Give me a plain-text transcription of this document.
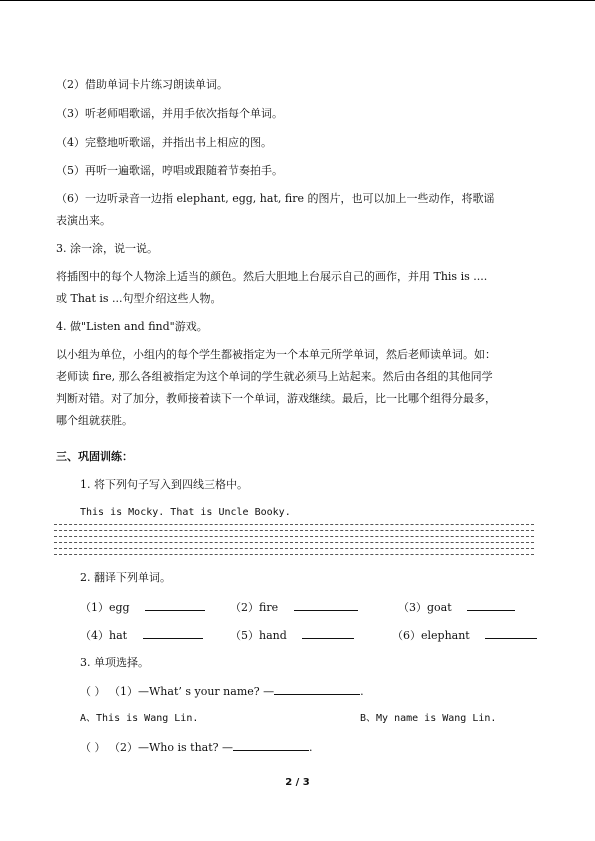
（2）借助单词卡片练习朗读单词。
（3）听老师唱歌谣，并用手依次指每个单词。
（4）完整地听歌谣，并指出书上相应的图。
（5）再听一遍歌谣，哼唱或跟随着节奏拍手。
（6）一边听录音一边指 elephant, egg, hat, fire 的图片，也可以加上一些动作，将歌谣
表演出来。
3. 涂一涂，说一说。
将插图中的每个人物涂上适当的颜色。然后大胆地上台展示自己的画作，并用 This is ....
或 That is ...句型介绍这些人物。
4. 做"Listen and find"游戏。
以小组为单位，小组内的每个学生都被指定为一个本单元所学单词，然后老师读单词。如：
老师读 fire, 那么各组被指定为这个单词的学生就必须马上站起来。然后由各组的其他同学
判断对错。对了加分，教师接着读下一个单词，游戏继续。最后，比一比哪个组得分最多，
哪个组就获胜。
三、巩固训练：
1. 将下列句子写入到四线三格中。
This is Mocky. That is Uncle Booky.
2. 翻译下列单词。
（1）egg	（2）fire	（3）goat
（4）hat	（5）hand	（6）elephant
3. 单项选择。
（ ） （1）—What’ s your name? —	.
A、This is Wang Lin.	B、My name is Wang Lin.
（ ） （2）—Who is that? —	.
2 / 3
